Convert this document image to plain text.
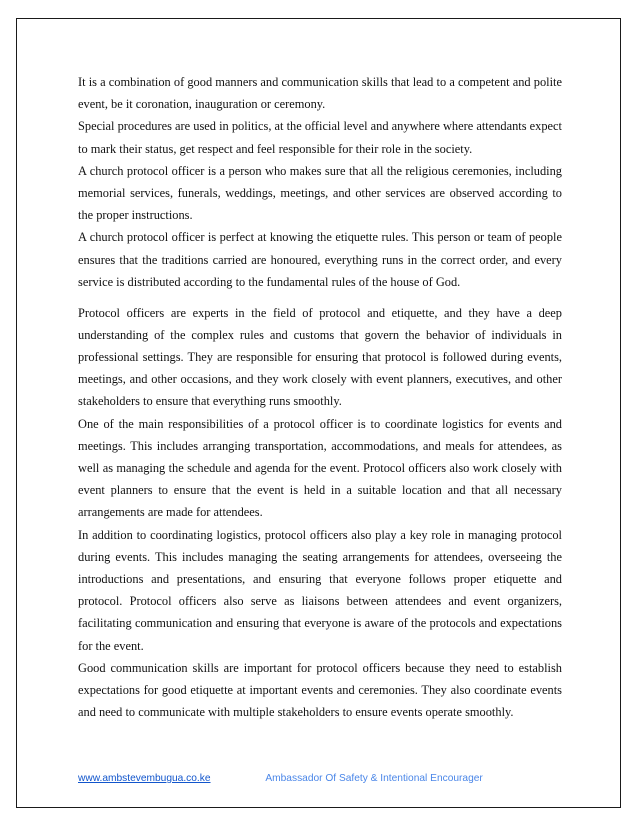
It is a combination of good manners and communication skills that lead to a competent and polite event, be it coronation, inauguration or ceremony.

Special procedures are used in politics, at the official level and anywhere where attendants expect to mark their status, get respect and feel responsible for their role in the society.

A church protocol officer is a person who makes sure that all the religious ceremonies, including memorial services, funerals, weddings, meetings, and other services are observed according to the proper instructions.

A church protocol officer is perfect at knowing the etiquette rules. This person or team of people ensures that the traditions carried are honoured, everything runs in the correct order, and every service is distributed according to the fundamental rules of the house of God.

Protocol officers are experts in the field of protocol and etiquette, and they have a deep understanding of the complex rules and customs that govern the behavior of individuals in professional settings. They are responsible for ensuring that protocol is followed during events, meetings, and other occasions, and they work closely with event planners, executives, and other stakeholders to ensure that everything runs smoothly.

One of the main responsibilities of a protocol officer is to coordinate logistics for events and meetings. This includes arranging transportation, accommodations, and meals for attendees, as well as managing the schedule and agenda for the event. Protocol officers also work closely with event planners to ensure that the event is held in a suitable location and that all necessary arrangements are made for attendees.

In addition to coordinating logistics, protocol officers also play a key role in managing protocol during events. This includes managing the seating arrangements for attendees, overseeing the introductions and presentations, and ensuring that everyone follows proper etiquette and protocol. Protocol officers also serve as liaisons between attendees and event organizers, facilitating communication and ensuring that everyone is aware of the protocols and expectations for the event.

Good communication skills are important for protocol officers because they need to establish expectations for good etiquette at important events and ceremonies. They also coordinate events and need to communicate with multiple stakeholders to ensure events operate smoothly.

www.ambstevembugua.co.ke	Ambassador Of Safety & Intentional Encourager
